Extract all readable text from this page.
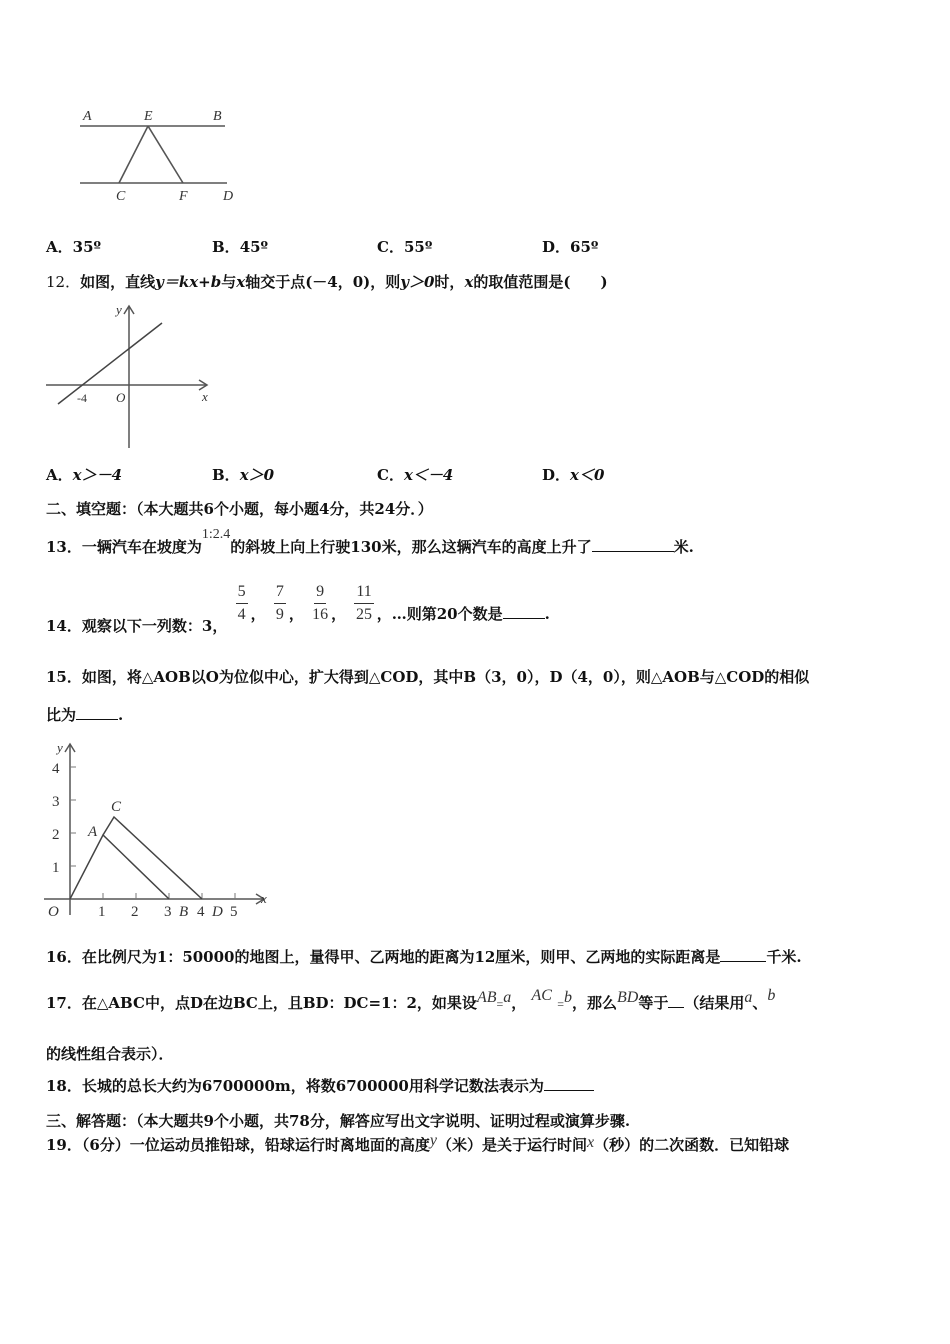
A	E	B
C	F	D
A．35º	B．45º	C．55º	D．65º
12．如图，直线y＝kx+b与x轴交于点(－4，0)，则y＞0时，x的取值范围是(　　)
y
x
O
-4
A．x＞－4	B．x＞0	C．x＜－4	D．x＜0
二、填空题：（本大题共6个小题，每小题4分，共24分．）
13．一辆汽车在坡度为1:2.4的斜坡上向上行驶130米，那么这辆汽车的高度上升了	米.
14．观察以下一列数：3，
$\frac{5}{4}$ ， $\frac{7}{9}$ ， $\frac{9}{16}$ ， $\frac{11}{25}$ ，…则第20个数是	.
15．如图，将△AOB以O为位似中心，扩大得到△COD，其中B（3，0），D（4，0），则△AOB与△COD的相似
比为	.
1
2
3
4
1 2 3 4 5
y
x
O
A
B
C
D
16．在比例尺为1：50000的地图上，量得甲、乙两地的距离为12厘米，则甲、乙两地的实际距离是	千米.
17．在△ABC中，点D在边BC上，且BD：DC=1：2，如果设AB=a， AC =b，那么BD等于 （结果用a、b
的线性组合表示）．
18．长城的总长大约为6700000m，将数6700000用科学记数法表示为
三、解答题：（本大题共9个小题，共78分，解答应写出文字说明、证明过程或演算步骤.
19．（6分）一位运动员推铅球，铅球运行时离地面的高度y（米）是关于运行时间x（秒）的二次函数．已知铅球
